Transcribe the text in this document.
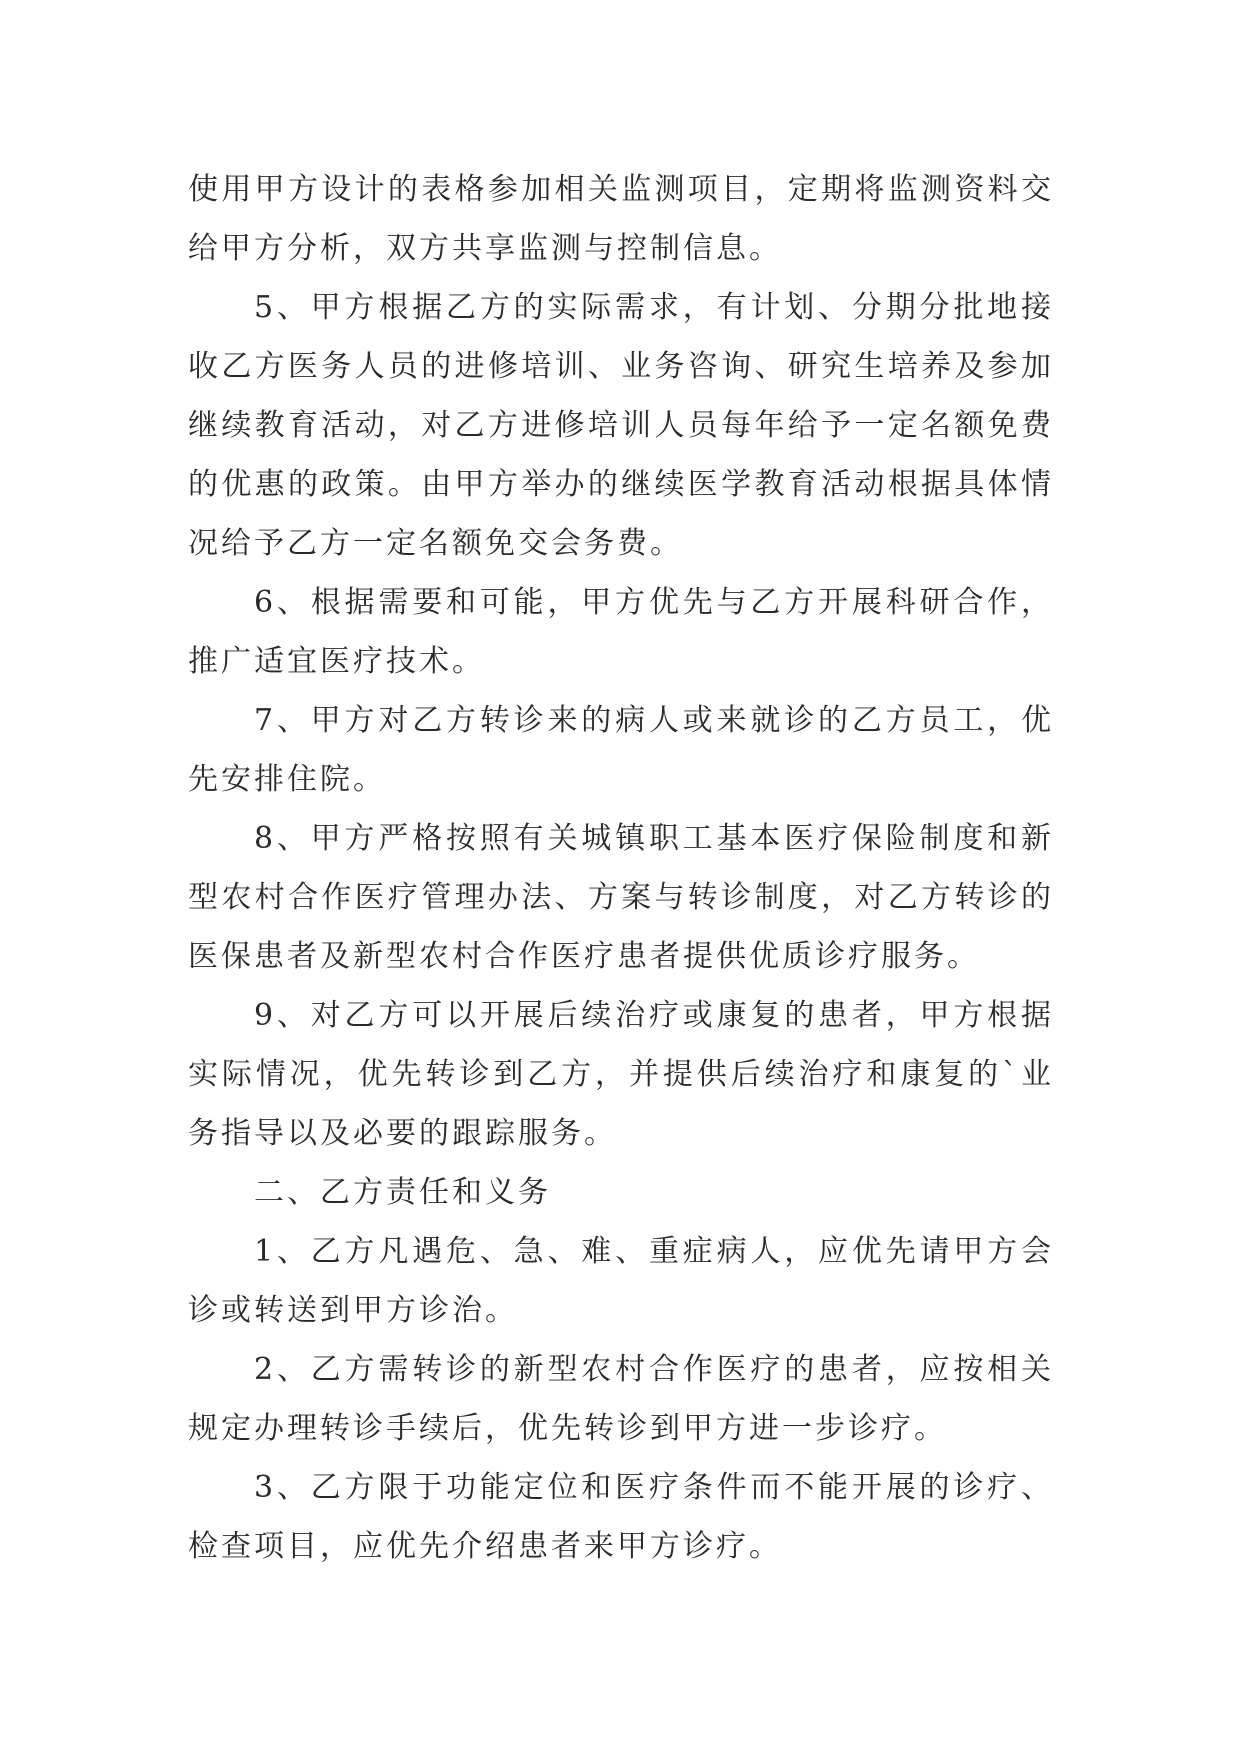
使用甲方设计的表格参加相关监测项目，定期将监测资料交
给甲方分析，双方共享监测与控制信息。
5、甲方根据乙方的实际需求，有计划、分期分批地接
收乙方医务人员的进修培训、业务咨询、研究生培养及参加
继续教育活动，对乙方进修培训人员每年给予一定名额免费
的优惠的政策。由甲方举办的继续医学教育活动根据具体情
况给予乙方一定名额免交会务费。
6、根据需要和可能，甲方优先与乙方开展科研合作，
推广适宜医疗技术。
7、甲方对乙方转诊来的病人或来就诊的乙方员工，优
先安排住院。
8、甲方严格按照有关城镇职工基本医疗保险制度和新
型农村合作医疗管理办法、方案与转诊制度，对乙方转诊的
医保患者及新型农村合作医疗患者提供优质诊疗服务。
9、对乙方可以开展后续治疗或康复的患者，甲方根据
实际情况，优先转诊到乙方，并提供后续治疗和康复的`业
务指导以及必要的跟踪服务。
二、乙方责任和义务
1、乙方凡遇危、急、难、重症病人，应优先请甲方会
诊或转送到甲方诊治。
2、乙方需转诊的新型农村合作医疗的患者，应按相关
规定办理转诊手续后，优先转诊到甲方进一步诊疗。
3、乙方限于功能定位和医疗条件而不能开展的诊疗、
检查项目，应优先介绍患者来甲方诊疗。
